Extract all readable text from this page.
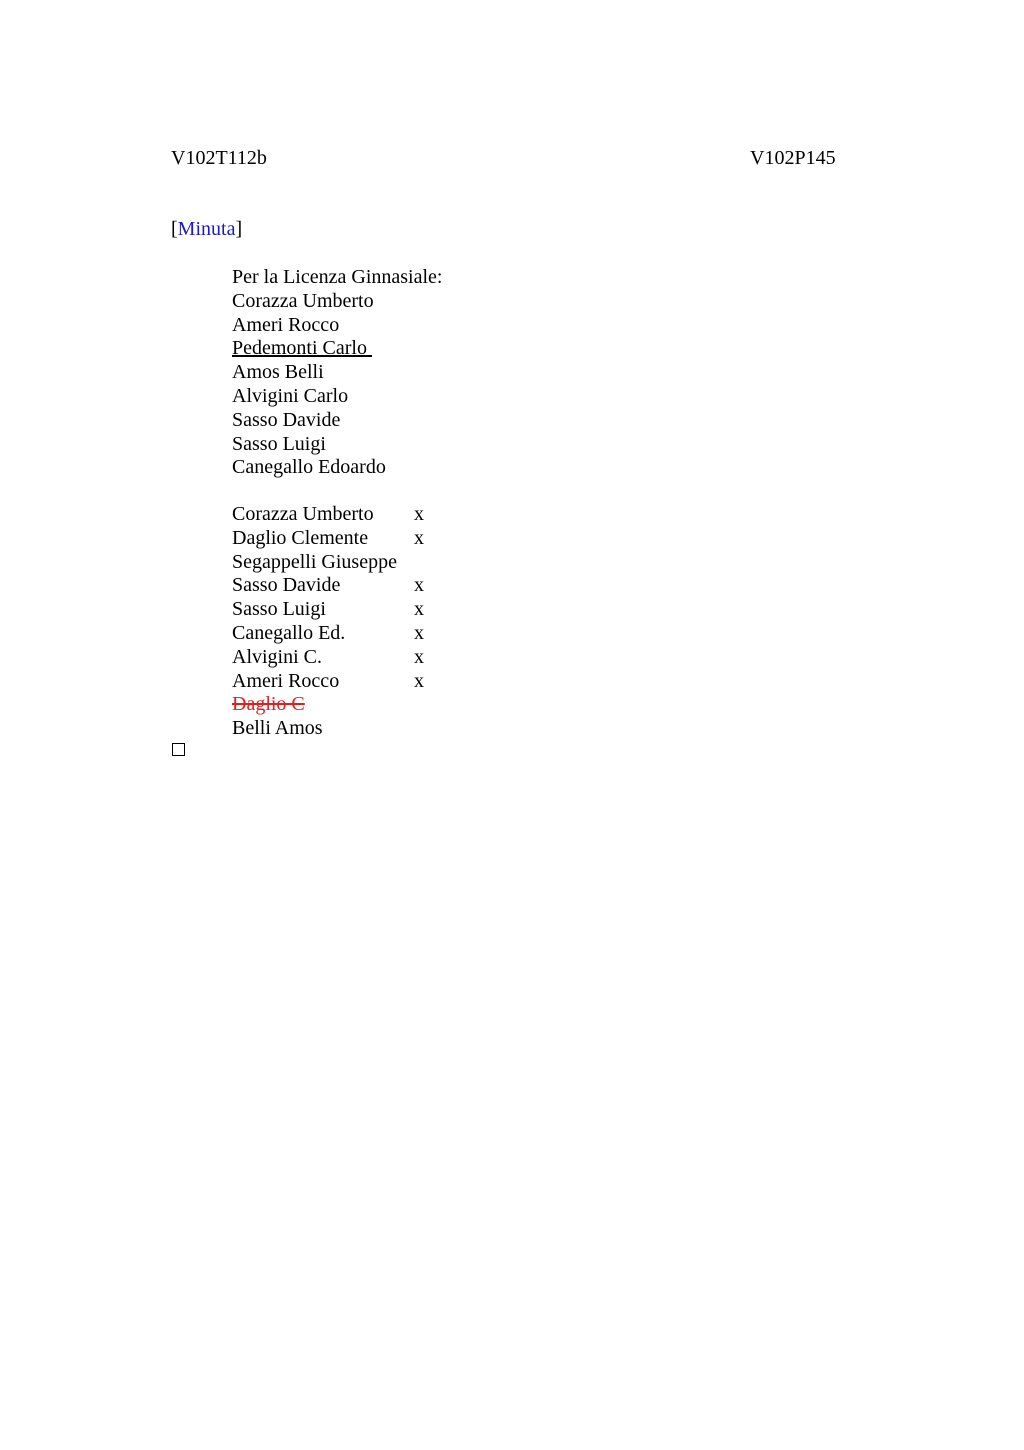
V102T112b	V102P145
[Minuta]
Per la Licenza Ginnasiale:
Corazza Umberto
Ameri Rocco
Pedemonti Carlo
Amos Belli
Alvigini Carlo
Sasso Davide
Sasso Luigi
Canegallo Edoardo
Corazza Umberto x
Daglio Clemente x
Segappelli Giuseppe
Sasso Davide	x
Sasso Luigi	x
Canegallo Ed.	x
Alvigini C.	x
Ameri Rocco	x
Daglio C
Belli Amos
